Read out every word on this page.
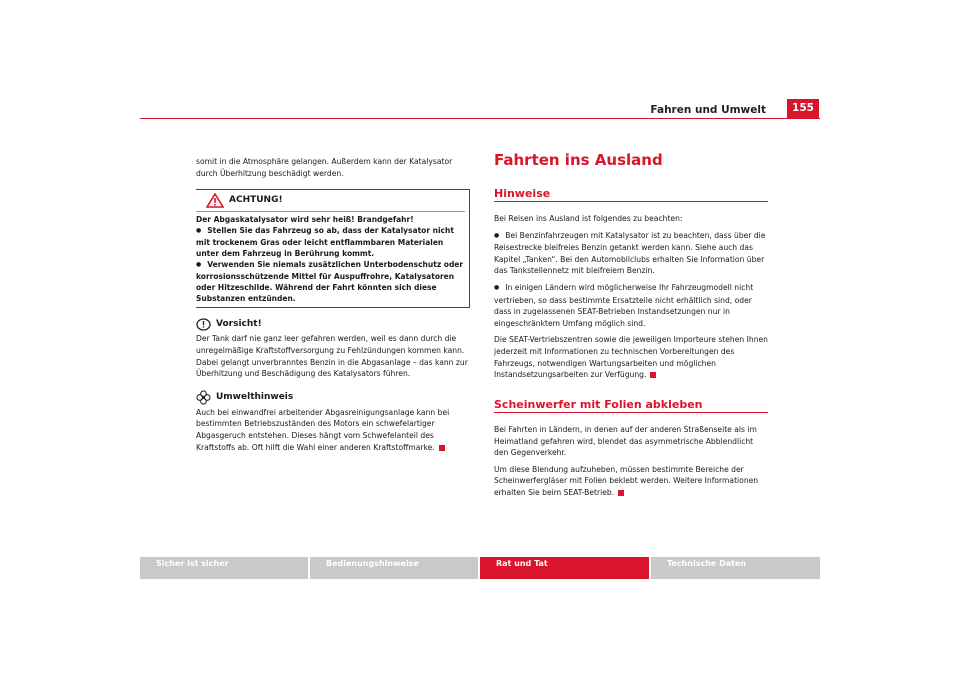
Fahren und Umwelt	155

somit in die Atmosphäre gelangen. Außerdem kann der Katalysator durch Überhitzung beschädigt werden.

ACHTUNG!

Der Abgaskatalysator wird sehr heiß! Brandgefahr!

● Stellen Sie das Fahrzeug so ab, dass der Katalysator nicht mit trockenem Gras oder leicht entflammbaren Materialen unter dem Fahrzeug in Berührung kommt.

● Verwenden Sie niemals zusätzlichen Unterbodenschutz oder korrosionsschützende Mittel für Auspuffrohre, Katalysatoren oder Hitzeschilde. Während der Fahrt könnten sich diese Substanzen entzünden.

Vorsicht!

Der Tank darf nie ganz leer gefahren werden, weil es dann durch die unregelmäßige Kraftstoffversorgung zu Fehlzündungen kommen kann. Dabei gelangt unverbranntes Benzin in die Abgasanlage – das kann zur Überhitzung und Beschädigung des Katalysators führen.

Umwelthinweis

Auch bei einwandfrei arbeitender Abgasreinigungsanlage kann bei bestimmten Betriebszuständen des Motors ein schwefelartiger Abgasgeruch entstehen. Dieses hängt vom Schwefelanteil des Kraftstoffs ab. Oft hilft die Wahl einer anderen Kraftstoffmarke.

Fahrten ins Ausland
Hinweise

Bei Reisen ins Ausland ist folgendes zu beachten:

● Bei Benzinfahrzeugen mit Katalysator ist zu beachten, dass über die Reisestrecke bleifreies Benzin getankt werden kann. Siehe auch das Kapitel „Tanken“. Bei den Automobilclubs erhalten Sie Information über das Tankstellennetz mit bleifreiem Benzin.

● In einigen Ländern wird möglicherweise Ihr Fahrzeugmodell nicht vertrieben, so dass bestimmte Ersatzteile nicht erhältlich sind, oder dass in zugelassenen SEAT-Betrieben Instandsetzungen nur in eingeschränktem Umfang möglich sind.

Die SEAT-Vertriebszentren sowie die jeweiligen Importeure stehen Ihnen jederzeit mit Informationen zu technischen Vorbereitungen des Fahrzeugs, notwendigen Wartungsarbeiten und möglichen Instandsetzungsarbeiten zur Verfügung.

Scheinwerfer mit Folien abkleben

Bei Fahrten in Ländern, in denen auf der anderen Straßenseite als im Heimatland gefahren wird, blendet das asymmetrische Abblendlicht den Gegenverkehr.

Um diese Blendung aufzuheben, müssen bestimmte Bereiche der Scheinwerfergläser mit Folien beklebt werden. Weitere Informationen erhalten Sie beim SEAT-Betrieb.

Sicher ist sicher	Bedienungshinweise	Rat und Tat	Technische Daten
